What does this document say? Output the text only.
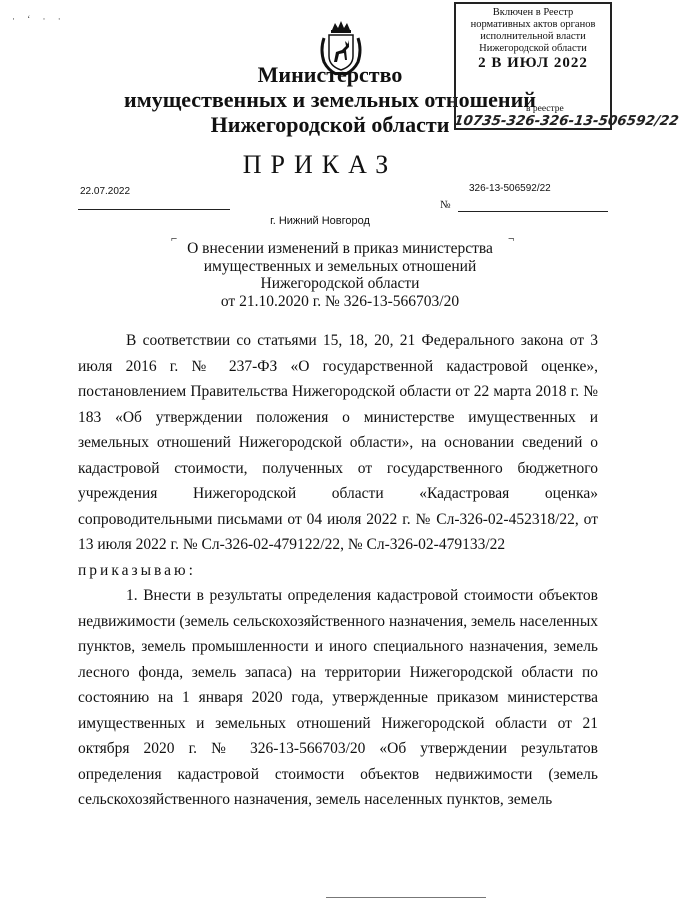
· ‘ · ·
Министерство
имущественных и земельных отношений
Нижегородской области
Включен в Реестр
нормативных актов органов
исполнительной власти
Нижегородской области
2 В ИЮЛ 2022
в реестре
10735-326-326-13-506592/22
ПРИКАЗ
22.07.2022	326-13-506592/22
№
г. Нижний Новгород
⌐	¬
О внесении изменений в приказ министерства
имущественных и земельных отношений
Нижегородской области
от 21.10.2020 г. № 326-13-566703/20

В соответствии со статьями 15, 18, 20, 21 Федерального закона от 3 июля 2016 г. № 237-ФЗ «О государственной кадастровой оценке», постановлением Правительства Нижегородской области от 22 марта 2018 г. № 183 «Об утверждении положения о министерстве имущественных и земельных отношений Нижегородской области», на основании сведений о кадастровой стоимости, полученных от государственного бюджетного учреждения Нижегородской области «Кадастровая оценка» сопроводительными письмами от 04 июля 2022 г. № Сл-326-02-452318/22, от 13 июля 2022 г. № Сл-326-02-479122/22, № Сл-326-02-479133/22

приказываю:

1. Внести в результаты определения кадастровой стоимости объектов недвижимости (земель сельскохозяйственного назначения, земель населенных пунктов, земель промышленности и иного специального назначения, земель лесного фонда, земель запаса) на территории Нижегородской области по состоянию на 1 января 2020 года, утвержденные приказом министерства имущественных и земельных отношений Нижегородской области от 21 октября 2020 г. № 326-13-566703/20 «Об утверждении результатов определения кадастровой стоимости объектов недвижимости (земель сельскохозяйственного назначения, земель населенных пунктов, земель
